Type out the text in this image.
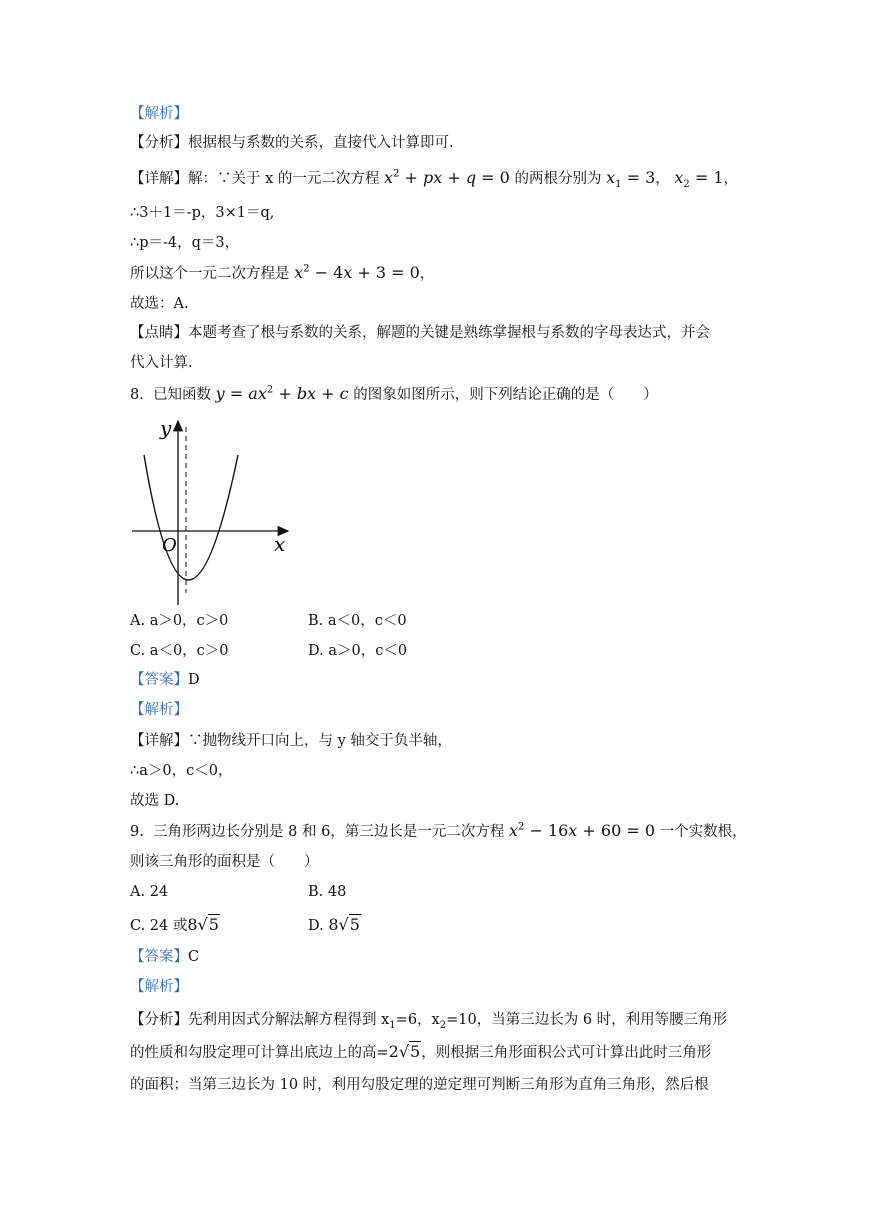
【解析】
【分析】根据根与系数的关系，直接代入计算即可.
【详解】解：∵关于 x 的一元二次方程 $x^2$ + px + q = 0 的两根分别为 $x_1 = 3$， $x_2 = 1$，
∴3＋1＝-p，3×1＝q,
∴p＝-4，q＝3，
所以这个一元二次方程是 $x^2 - 4x + 3 = 0$，
故选：A.
【点睛】本题考查了根与系数的关系，解题的关键是熟练掌握根与系数的字母表达式，并会
代入计算.
8. 已知函数 $y = ax^2$ + bx + c 的图象如图所示，则下列结论正确的是（　　）
y
x
O
A. a＞0，c＞0	B. a＜0，c＜0
C. a＜0，c＞0	D. a＞0，c＜0
【答案】D
【解析】
【详解】∵抛物线开口向上，与 y 轴交于负半轴，
∴a＞0，c＜0，
故选 D.
9. 三角形两边长分别是 8 和 6，第三边长是一元二次方程 $x^2 - 16x + 60 = 0$ 一个实数根，
则该三角形的面积是（　　）
A. 24	B. 48
C. 24 或8√5	D. 8√5
【答案】C
【解析】
【分析】先利用因式分解法解方程得到 $x_1=6$，$x_2=10$，当第三边长为 6 时，利用等腰三角形
的性质和勾股定理可计算出底边上的高=2√5，则根据三角形面积公式可计算出此时三角形
的面积；当第三边长为 10 时，利用勾股定理的逆定理可判断三角形为直角三角形，然后根
